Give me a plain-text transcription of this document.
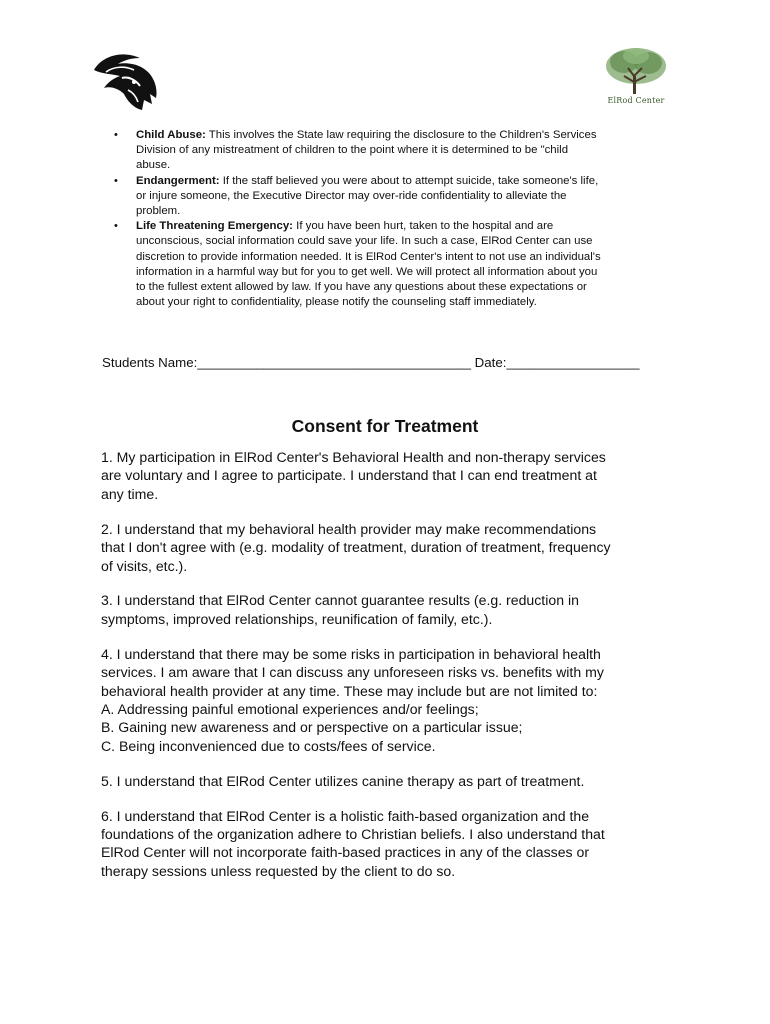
ElRod Center
• Child Abuse: This involves the State law requiring the disclosure to the Children's Services
Division of any mistreatment of children to the point where it is determined to be "child
abuse.
• Endangerment: If the staff believed you were about to attempt suicide, take someone's life,
or injure someone, the Executive Director may over-ride confidentiality to alleviate the
problem.
• Life Threatening Emergency: If you have been hurt, taken to the hospital and are
unconscious, social information could save your life. In such a case, ElRod Center can use
discretion to provide information needed. It is ElRod Center's intent to not use an individual's
information in a harmful way but for you to get well. We will protect all information about you
to the fullest extent allowed by law. If you have any questions about these expectations or
about your right to confidentiality, please notify the counseling staff immediately.
Students Name:_____________________________________ Date:__________________
Consent for Treatment

1. My participation in ElRod Center's Behavioral Health and non-therapy services
are voluntary and I agree to participate. I understand that I can end treatment at
any time.

2. I understand that my behavioral health provider may make recommendations
that I don't agree with (e.g. modality of treatment, duration of treatment, frequency
of visits, etc.).

3. I understand that ElRod Center cannot guarantee results (e.g. reduction in
symptoms, improved relationships, reunification of family, etc.).

4. I understand that there may be some risks in participation in behavioral health
services. I am aware that I can discuss any unforeseen risks vs. benefits with my
behavioral health provider at any time. These may include but are not limited to:
A. Addressing painful emotional experiences and/or feelings;
B. Gaining new awareness and or perspective on a particular issue;
C. Being inconvenienced due to costs/fees of service.

5. I understand that ElRod Center utilizes canine therapy as part of treatment.

6. I understand that ElRod Center is a holistic faith-based organization and the
foundations of the organization adhere to Christian beliefs. I also understand that
ElRod Center will not incorporate faith-based practices in any of the classes or
therapy sessions unless requested by the client to do so.
